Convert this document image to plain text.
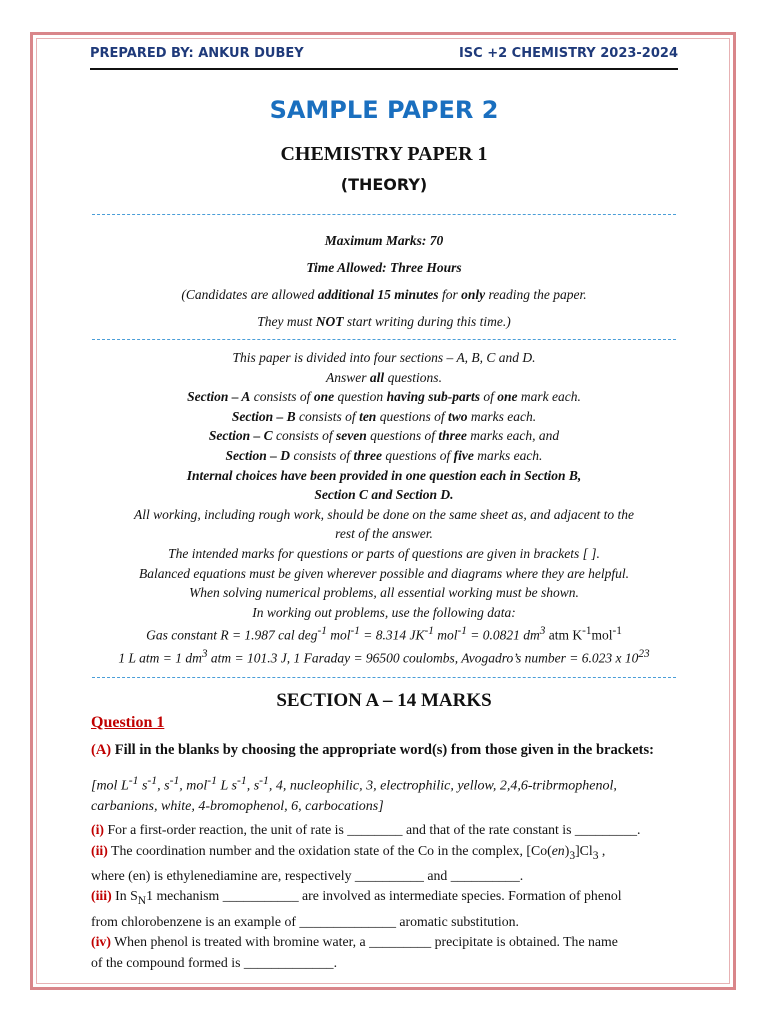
PREPARED BY: ANKUR DUBEY	ISC +2 CHEMISTRY 2023-2024
SAMPLE PAPER 2
CHEMISTRY PAPER 1
(THEORY)
Maximum Marks: 70
Time Allowed: Three Hours
(Candidates are allowed additional 15 minutes for only reading the paper.
They must NOT start writing during this time.)
This paper is divided into four sections – A, B, C and D.
Answer all questions.
Section – A consists of one question having sub-parts of one mark each.
Section – B consists of ten questions of two marks each.
Section – C consists of seven questions of three marks each, and
Section – D consists of three questions of five marks each.
Internal choices have been provided in one question each in Section B,
Section C and Section D.
All working, including rough work, should be done on the same sheet as, and adjacent to the
rest of the answer.
The intended marks for questions or parts of questions are given in brackets [ ].
Balanced equations must be given wherever possible and diagrams where they are helpful.
When solving numerical problems, all essential working must be shown.
In working out problems, use the following data:
Gas constant R = 1.987 cal deg$^{-1}$ mol$^{-1}$ = 8.314 $JK^{-1}$ mol$^{-1}$ = 0.0821 $dm^3$ atm $K^{-1}mol^{-1}$
1 L atm = 1 $dm^3$ atm = 101.3 J, 1 Faraday = 96500 coulombs, Avogadro’s number = 6.023 x $10^{23}$
SECTION A – 14 MARKS
Question 1
(A) Fill in the blanks by choosing the appropriate word(s) from those given in the brackets:
[mol $L^{-1}$ $s^{-1}$, $s^{-1}$, mol$^{-1}$ L $s^{-1}$, $s^{-1}$, 4, nucleophilic, 3, electrophilic, yellow, 2,4,6-tribrmophenol,
carbanions, white, 4-bromophenol, 6, carbocations]
(i) For a first-order reaction, the unit of rate is ________ and that of the rate constant is _________.
(ii) The coordination number and the oxidation state of the Co in the complex, $[Co(en)_3]Cl_3$ ,
where (en) is ethylenediamine are, respectively __________ and __________.
(iii) In $S_N1$ mechanism ___________ are involved as intermediate species. Formation of phenol
from chlorobenzene is an example of ______________ aromatic substitution.
(iv) When phenol is treated with bromine water, a _________ precipitate is obtained. The name
of the compound formed is _____________.
